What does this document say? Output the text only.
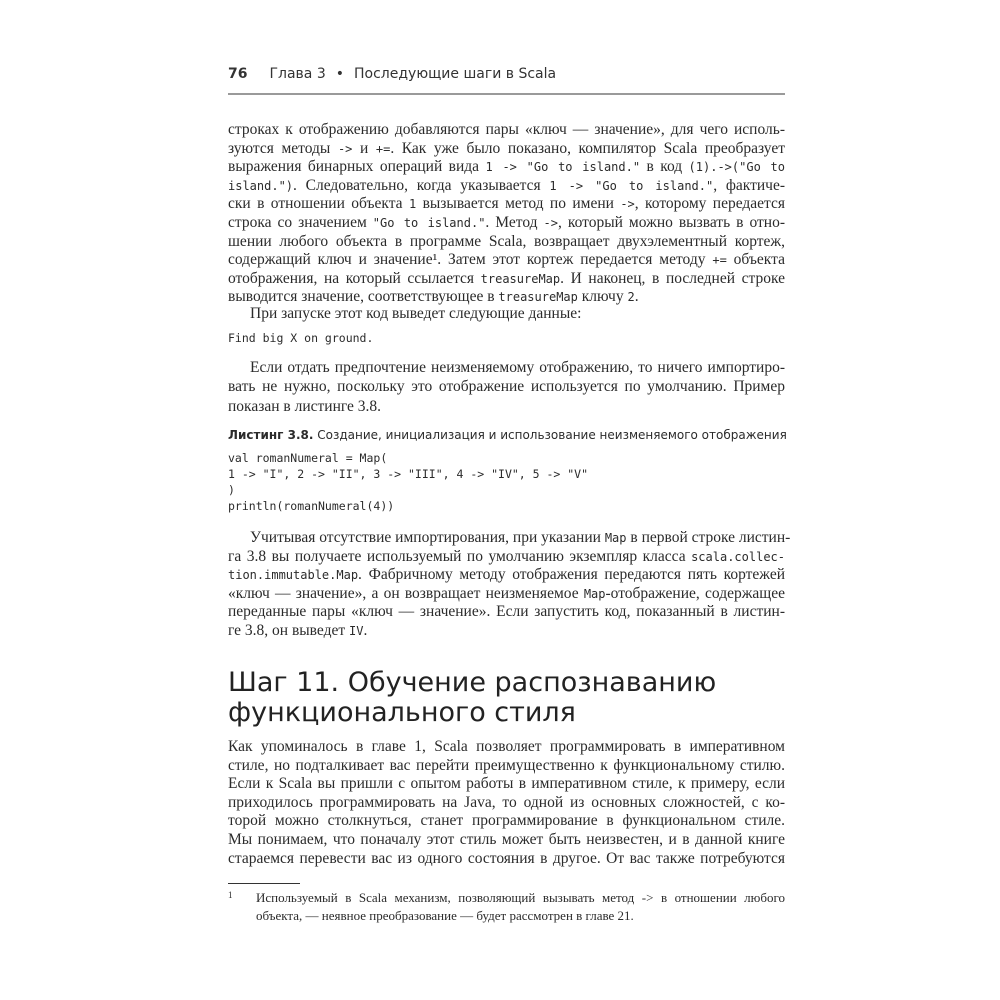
76 Глава 3 • Последующие шаги в Scala
строках к отображению добавляются пары «ключ — значение», для чего исполь-
зуются методы -> и +=. Как уже было показано, компилятор Scala преобразует
выражения бинарных операций вида 1 -> "Go to island." в код (1).->("Go to
island."). Следовательно, когда указывается 1 -> "Go to island.", фактиче-
ски в отношении объекта 1 вызывается метод по имени ->, которому передается
строка со значением "Go to island.". Метод ->, который можно вызвать в отно-
шении любого объекта в программе Scala, возвращает двухэлементный кортеж,
содержащий ключ и значение¹. Затем этот кортеж передается методу += объекта
отображения, на который ссылается treasureMap. И наконец, в последней строке
выводится значение, соответствующее в treasureMap ключу 2.
При запуске этот код выведет следующие данные:
Find big X on ground.
Если отдать предпочтение неизменяемому отображению, то ничего импортиро-
вать не нужно, поскольку это отображение используется по умолчанию. Пример
показан в листинге 3.8.
Листинг 3.8. Создание, инициализация и использование неизменяемого отображения
val romanNumeral = Map(
1 -> "I", 2 -> "II", 3 -> "III", 4 -> "IV", 5 -> "V"
)
println(romanNumeral(4))
Учитывая отсутствие импортирования, при указании Map в первой строке листин-
га 3.8 вы получаете используемый по умолчанию экземпляр класса scala.collec-
tion.immutable.Map. Фабричному методу отображения передаются пять кортежей
«ключ — значение», а он возвращает неизменяемое Map-отображение, содержащее
переданные пары «ключ — значение». Если запустить код, показанный в листин-
ге 3.8, он выведет IV.
Шаг 11. Обучение распознаванию
функционального стиля
Как упоминалось в главе 1, Scala позволяет программировать в императивном
стиле, но подталкивает вас перейти преимущественно к функциональному стилю.
Если к Scala вы пришли с опытом работы в императивном стиле, к примеру, если
приходилось программировать на Java, то одной из основных сложностей, с ко-
торой можно столкнуться, станет программирование в функциональном стиле.
Мы понимаем, что поначалу этот стиль может быть неизвестен, и в данной книге
стараемся перевести вас из одного состояния в другое. От вас также потребуются
1	Используемый в Scala механизм, позволяющий вызывать метод -> в отношении любого
объекта, — неявное преобразование — будет рассмотрен в главе 21.
